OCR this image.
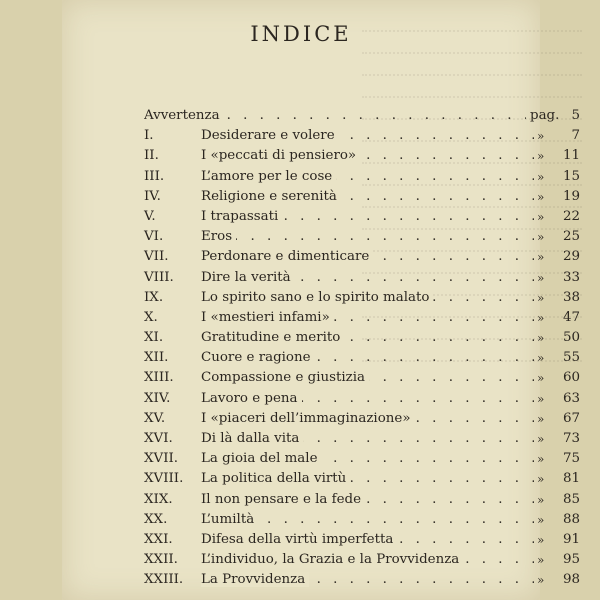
INDICE
Avvertenza . . .	pag. 5
I.	Desiderare e volere . . .	» 7
II.	I «peccati di pensiero» . . .	» 11
III.	L’amore per le cose . . .	» 15
IV.	Religione e serenità . . .	» 19
V.	I trapassati . . .	» 22
VI.	Eros . . .	» 25
VII. Perdonare e dimenticare . . .	» 29
VIII. Dire la verità . . .	» 33
IX.	Lo spirito sano e lo spirito malato . . .	» 38
X.	I «mestieri infami» . . .	» 47
XI.	Gratitudine e merito . . .	» 50
XII. Cuore e ragione . . .	» 55
XIII. Compassione e giustizia . . .	» 60
XIV. Lavoro e pena . . .	» 63
XV.	I «piaceri dell’immaginazione» . . .	» 67
XVI. Di là dalla vita . . .	» 73
XVII. La gioia del male . . .	» 75
XVIII. La politica della virtù . . .	» 81
XIX. Il non pensare e la fede . . .	» 85
XX.	L’umiltà . . .	» 88
XXI. Difesa della virtù imperfetta . . .	» 91
XXII. L’individuo, la Grazia e la Provvidenza . . .	» 95
XXIII. La Provvidenza . . .	» 98
